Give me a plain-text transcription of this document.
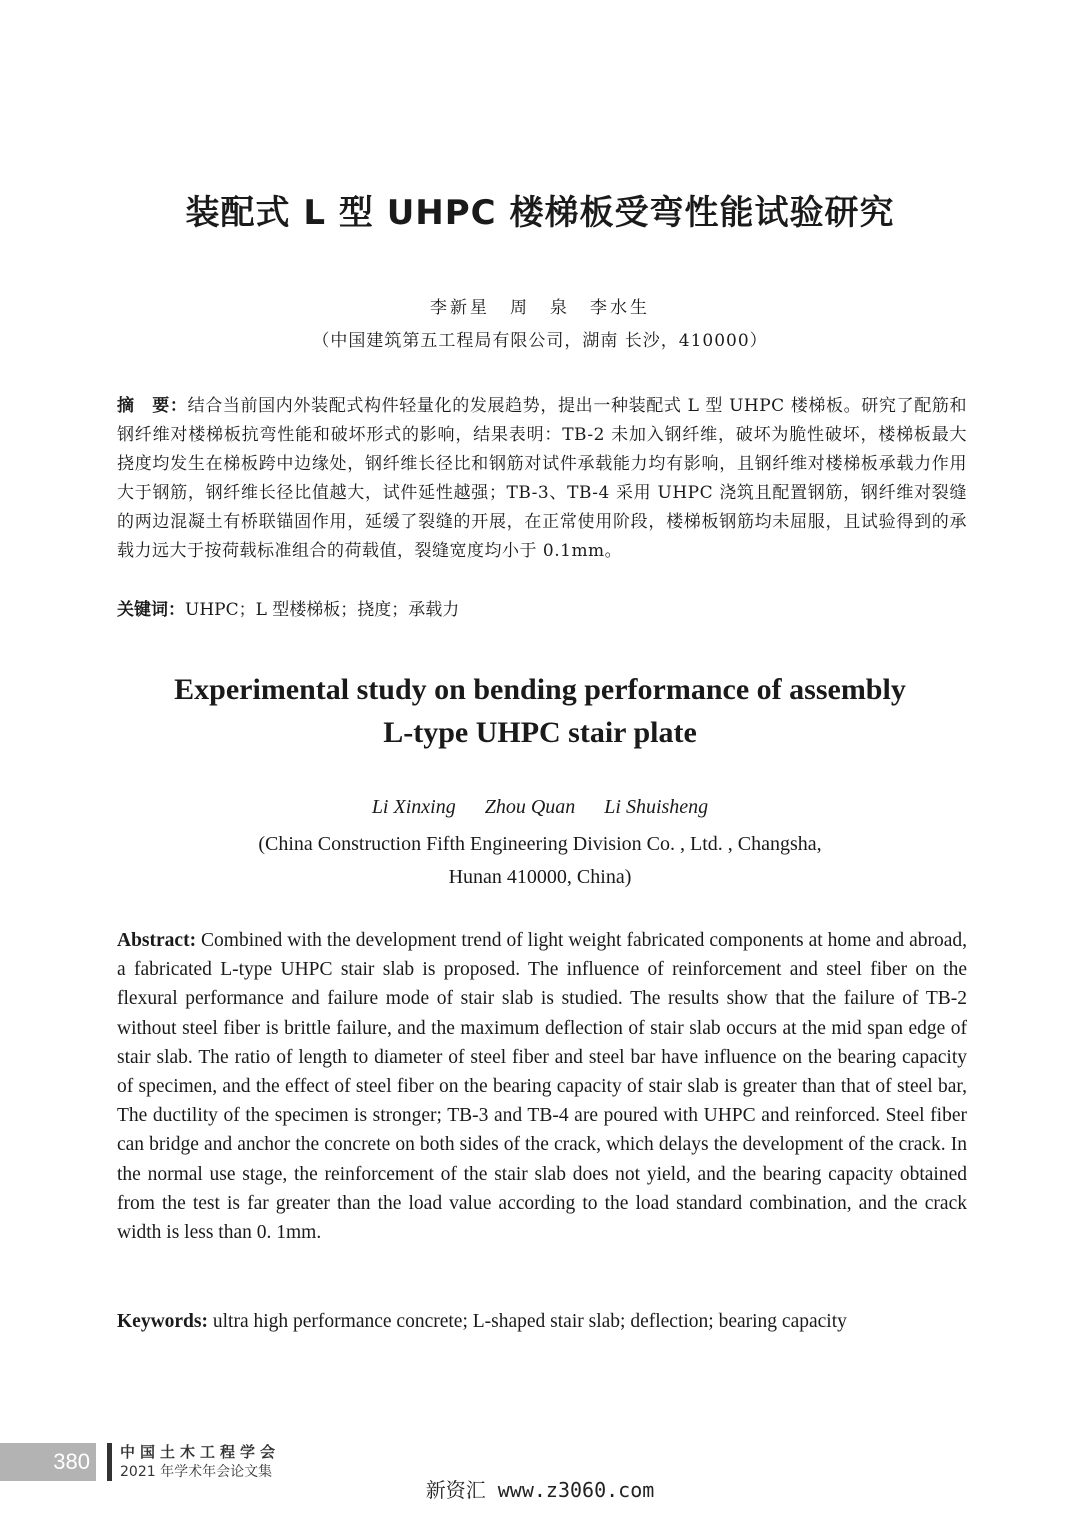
装配式 L 型 UHPC 楼梯板受弯性能试验研究
李新星　周　泉　李水生
（中国建筑第五工程局有限公司，湖南 长沙，410000）
摘　要：结合当前国内外装配式构件轻量化的发展趋势，提出一种装配式 L 型 UHPC 楼梯板。研究了配筋和钢纤维对楼梯板抗弯性能和破坏形式的影响，结果表明：TB-2 未加入钢纤维，破坏为脆性破坏，楼梯板最大挠度均发生在梯板跨中边缘处，钢纤维长径比和钢筋对试件承载能力均有影响，且钢纤维对楼梯板承载力作用大于钢筋，钢纤维长径比值越大，试件延性越强；TB-3、TB-4 采用 UHPC 浇筑且配置钢筋，钢纤维对裂缝的两边混凝土有桥联锚固作用，延缓了裂缝的开展，在正常使用阶段，楼梯板钢筋均未屈服，且试验得到的承载力远大于按荷载标准组合的荷载值，裂缝宽度均小于 0.1mm。
关键词：UHPC；L 型楼梯板；挠度；承载力
Experimental study on bending performance of assembly
L-type UHPC stair plate
Li Xinxing Zhou Quan Li Shuisheng
(China Construction Fifth Engineering Division Co. , Ltd. , Changsha,
Hunan 410000, China)
Abstract: Combined with the development trend of light weight fabricated components at home and abroad, a fabricated L-type UHPC stair slab is proposed. The influence of reinforcement and steel fiber on the flexural performance and failure mode of stair slab is studied. The results show that the failure of TB-2 without steel fiber is brittle failure, and the maximum deflection of stair slab occurs at the mid span edge of stair slab. The ratio of length to diameter of steel fiber and steel bar have influence on the bearing capacity of specimen, and the effect of steel fiber on the bearing capacity of stair slab is greater than that of steel bar, The ductility of the specimen is stronger; TB-3 and TB-4 are poured with UHPC and reinforced. Steel fiber can bridge and anchor the concrete on both sides of the crack, which delays the development of the crack. In the normal use stage, the reinforcement of the stair slab does not yield, and the bearing capacity obtained from the test is far greater than the load value according to the load standard combination, and the crack width is less than 0. 1mm.
Keywords: ultra high performance concrete; L-shaped stair slab; deflection; bearing capacity
380	中国土木工程学会
2021 年学术年会论文集
新资汇 www.z3060.com
